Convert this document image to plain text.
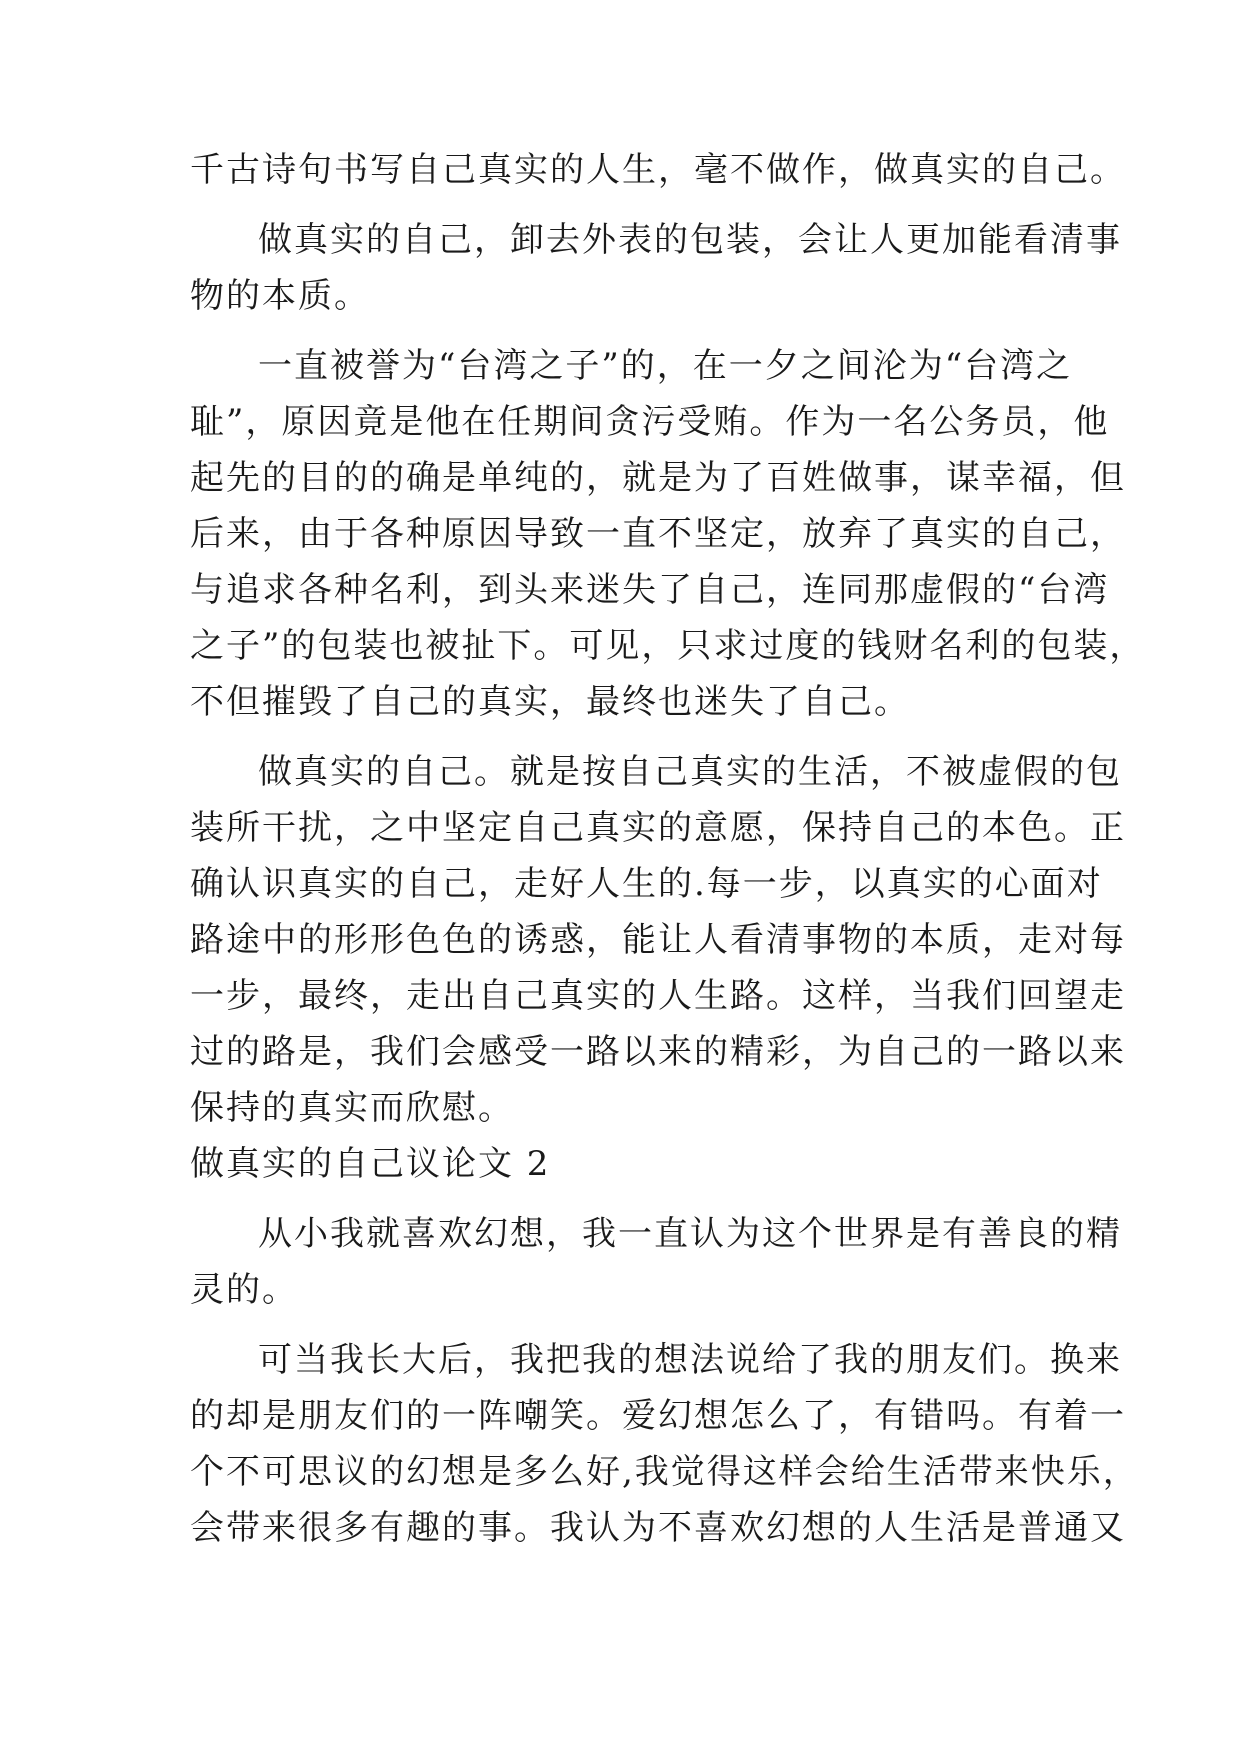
千古诗句书写自己真实的人生，毫不做作，做真实的自己。
做真实的自己，卸去外表的包装，会让人更加能看清事
物的本质。
一直被誉为“台湾之子”的，在一夕之间沦为“台湾之
耻”，原因竟是他在任期间贪污受贿。作为一名公务员，他
起先的目的的确是单纯的，就是为了百姓做事，谋幸福，但
后来，由于各种原因导致一直不坚定，放弃了真实的自己，
与追求各种名利，到头来迷失了自己，连同那虚假的“台湾
之子”的包装也被扯下。可见，只求过度的钱财名利的包装，
不但摧毁了自己的真实，最终也迷失了自己。
做真实的自己。就是按自己真实的生活，不被虚假的包
装所干扰，之中坚定自己真实的意愿，保持自己的本色。正
确认识真实的自己，走好人生的.每一步，以真实的心面对
路途中的形形色色的诱惑，能让人看清事物的本质，走对每
一步，最终，走出自己真实的人生路。这样，当我们回望走
过的路是，我们会感受一路以来的精彩，为自己的一路以来
保持的真实而欣慰。
做真实的自己议论文 2
从小我就喜欢幻想，我一直认为这个世界是有善良的精
灵的。
可当我长大后，我把我的想法说给了我的朋友们。换来
的却是朋友们的一阵嘲笑。爱幻想怎么了，有错吗。有着一
个不可思议的幻想是多么好,我觉得这样会给生活带来快乐，
会带来很多有趣的事。我认为不喜欢幻想的人生活是普通又
